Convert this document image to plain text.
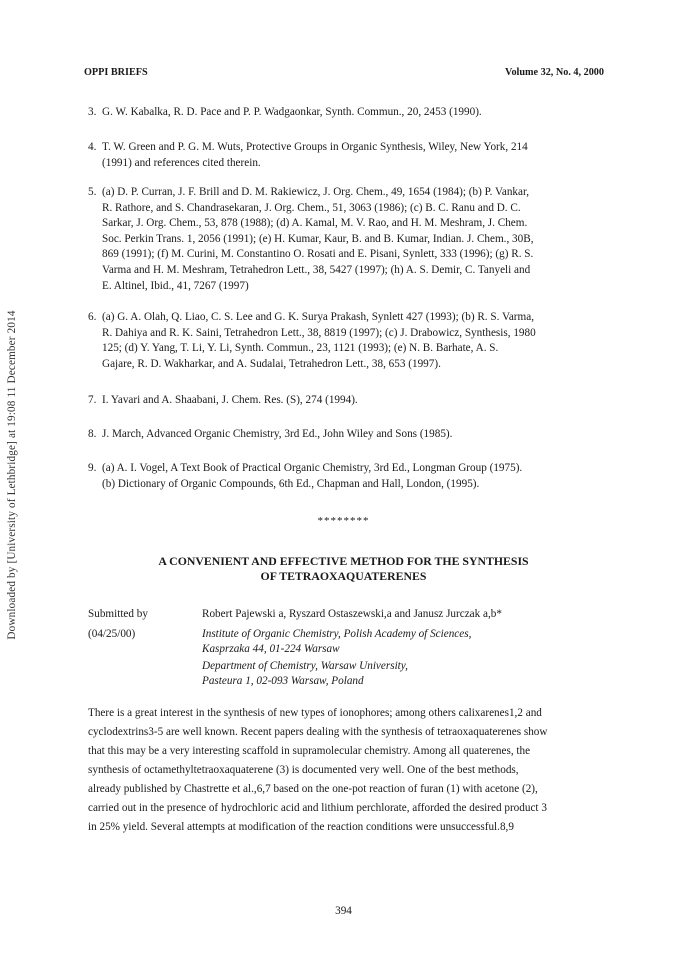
Downloaded by [University of Lethbridge] at 19:08 11 December 2014
OPPI BRIEFS	Volume 32, No. 4, 2000
3. G. W. Kabalka, R. D. Pace and P. P. Wadgaonkar, Synth. Commun., 20, 2453 (1990).

4. T. W. Green and P. G. M. Wuts, Protective Groups in Organic Synthesis, Wiley, New York, 214

(1991) and references cited therein.

5. (a) D. P. Curran, J. F. Brill and D. M. Rakiewicz, J. Org. Chem., 49, 1654 (1984); (b) P. Vankar,

R. Rathore, and S. Chandrasekaran, J. Org. Chem., 51, 3063 (1986); (c) B. C. Ranu and D. C.

Sarkar, J. Org. Chem., 53, 878 (1988); (d) A. Kamal, M. V. Rao, and H. M. Meshram, J. Chem.

Soc. Perkin Trans. 1, 2056 (1991); (e) H. Kumar, Kaur, B. and B. Kumar, Indian. J. Chem., 30B,

869 (1991); (f) M. Curini, M. Constantino O. Rosati and E. Pisani, Synlett, 333 (1996); (g) R. S.

Varma and H. M. Meshram, Tetrahedron Lett., 38, 5427 (1997); (h) A. S. Demir, C. Tanyeli and

E. Altinel, Ibid., 41, 7267 (1997)

6. (a) G. A. Olah, Q. Liao, C. S. Lee and G. K. Surya Prakash, Synlett 427 (1993); (b) R. S. Varma,

R. Dahiya and R. K. Saini, Tetrahedron Lett., 38, 8819 (1997); (c) J. Drabowicz, Synthesis, 1980

125; (d) Y. Yang, T. Li, Y. Li, Synth. Commun., 23, 1121 (1993); (e) N. B. Barhate, A. S.

Gajare, R. D. Wakharkar, and A. Sudalai, Tetrahedron Lett., 38, 653 (1997).

7. I. Yavari and A. Shaabani, J. Chem. Res. (S), 274 (1994).

8. J. March, Advanced Organic Chemistry, 3rd Ed., John Wiley and Sons (1985).

9. (a) A. I. Vogel, A Text Book of Practical Organic Chemistry, 3rd Ed., Longman Group (1975).

(b) Dictionary of Organic Compounds, 6th Ed., Chapman and Hall, London, (1995).

********
A CONVENIENT AND EFFECTIVE METHOD FOR THE SYNTHESIS
OF TETRAOXAQUATERENES
Submitted by
(04/25/00)
Robert Pajewski a, Ryszard Ostaszewski,a and Janusz Jurczak a,b*
Institute of Organic Chemistry, Polish Academy of Sciences,
Kasprzaka 44, 01-224 Warsaw
Department of Chemistry, Warsaw University,
Pasteura 1, 02-093 Warsaw, Poland

There is a great interest in the synthesis of new types of ionophores; among others calixarenes1,2 and

cyclodextrins3-5 are well known. Recent papers dealing with the synthesis of tetraoxaquaterenes show

that this may be a very interesting scaffold in supramolecular chemistry. Among all quaterenes, the

synthesis of octamethyltetraoxaquaterene (3) is documented very well. One of the best methods,

already published by Chastrette et al.,6,7 based on the one-pot reaction of furan (1) with acetone (2),

carried out in the presence of hydrochloric acid and lithium perchlorate, afforded the desired product 3

in 25% yield. Several attempts at modification of the reaction conditions were unsuccessful.8,9

394
